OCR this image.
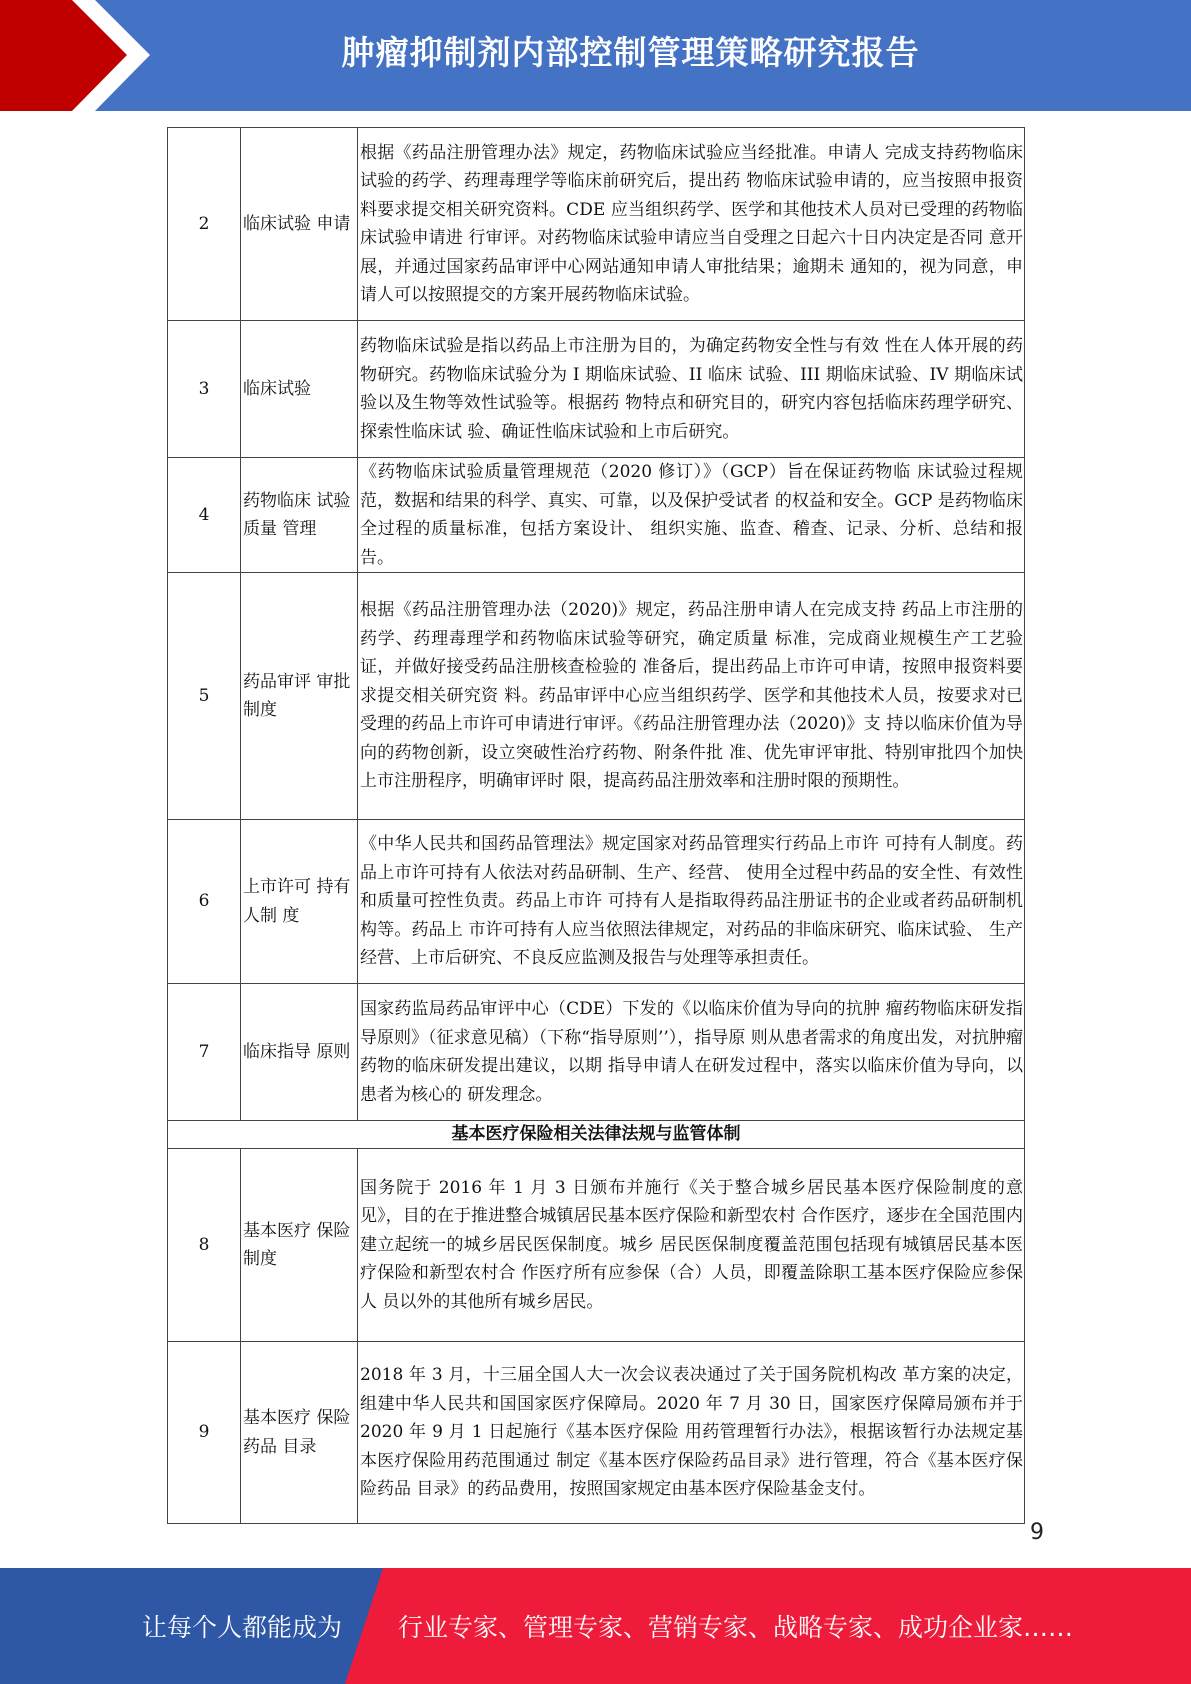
肿瘤抑制剂内部控制管理策略研究报告
2	临床试验 申请	根据《药品注册管理办法》规定，药物临床试验应当经批准。申请人 完成支持药物临床试验的药学、药理毒理学等临床前研究后，提出药 物临床试验申请的，应当按照申报资料要求提交相关研究资料。CDE 应当组织药学、医学和其他技术人员对已受理的药物临床试验申请进 行审评。对药物临床试验申请应当自受理之日起六十日内决定是否同 意开展，并通过国家药品审评中心网站通知申请人审批结果；逾期未 通知的，视为同意，申请人可以按照提交的方案开展药物临床试验。
3	临床试验	药物临床试验是指以药品上市注册为目的，为确定药物安全性与有效 性在人体开展的药物研究。药物临床试验分为 I 期临床试验、II 临床 试验、III 期临床试验、IV 期临床试验以及生物等效性试验等。根据药 物特点和研究目的，研究内容包括临床药理学研究、探索性临床试 验、确证性临床试验和上市后研究。
4	药物临床 试验质量 管理	《药物临床试验质量管理规范（2020 修订）》（GCP）旨在保证药物临 床试验过程规范，数据和结果的科学、真实、可靠，以及保护受试者 的权益和安全。GCP 是药物临床全过程的质量标准，包括方案设计、 组织实施、监查、稽查、记录、分析、总结和报告。
5	药品审评 审批制度	根据《药品注册管理办法（2020)》规定，药品注册申请人在完成支持 药品上市注册的药学、药理毒理学和药物临床试验等研究，确定质量 标准，完成商业规模生产工艺验证，并做好接受药品注册核查检验的 准备后，提出药品上市许可申请，按照申报资料要求提交相关研究资 料。药品审评中心应当组织药学、医学和其他技术人员，按要求对已 受理的药品上市许可申请进行审评。《药品注册管理办法（2020)》支 持以临床价值为导向的药物创新，设立突破性治疗药物、附条件批 准、优先审评审批、特别审批四个加快上市注册程序，明确审评时 限，提高药品注册效率和注册时限的预期性。
6	上市许可 持有人制 度	《中华人民共和国药品管理法》规定国家对药品管理实行药品上市许 可持有人制度。药品上市许可持有人依法对药品研制、生产、经营、 使用全过程中药品的安全性、有效性和质量可控性负责。药品上市许 可持有人是指取得药品注册证书的企业或者药品研制机构等。药品上 市许可持有人应当依照法律规定，对药品的非临床研究、临床试验、 生产经营、上市后研究、不良反应监测及报告与处理等承担责任。
7	临床指导 原则	国家药监局药品审评中心（CDE）下发的《以临床价值为导向的抗肿 瘤药物临床研发指导原则》（征求意见稿）（下称“指导原则’’），指导原 则从患者需求的角度出发，对抗肿瘤药物的临床研发提出建议，以期 指导申请人在研发过程中，落实以临床价值为导向，以患者为核心的 研发理念。
基本医疗保险相关法律法规与监管体制		
8	基本医疗 保险制度	国务院于 2016 年 1 月 3 日颁布并施行《关于整合城乡居民基本医疗保险制度的意见》，目的在于推进整合城镇居民基本医疗保险和新型农村 合作医疗，逐步在全国范围内建立起统一的城乡居民医保制度。城乡 居民医保制度覆盖范围包括现有城镇居民基本医疗保险和新型农村合 作医疗所有应参保（合）人员，即覆盖除职工基本医疗保险应参保人 员以外的其他所有城乡居民。
9	基本医疗 保险药品 目录	2018 年 3 月，十三届全国人大一次会议表决通过了关于国务院机构改 革方案的决定，组建中华人民共和国国家医疗保障局。2020 年 7 月 30 日，国家医疗保障局颁布并于 2020 年 9 月 1 日起施行《基本医疗保险 用药管理暂行办法》，根据该暂行办法规定基本医疗保险用药范围通过 制定《基本医疗保险药品目录》进行管理，符合《基本医疗保险药品 目录》的药品费用，按照国家规定由基本医疗保险基金支付。
9
让每个人都能成为 行业专家、管理专家、营销专家、战略专家、成功企业家……
